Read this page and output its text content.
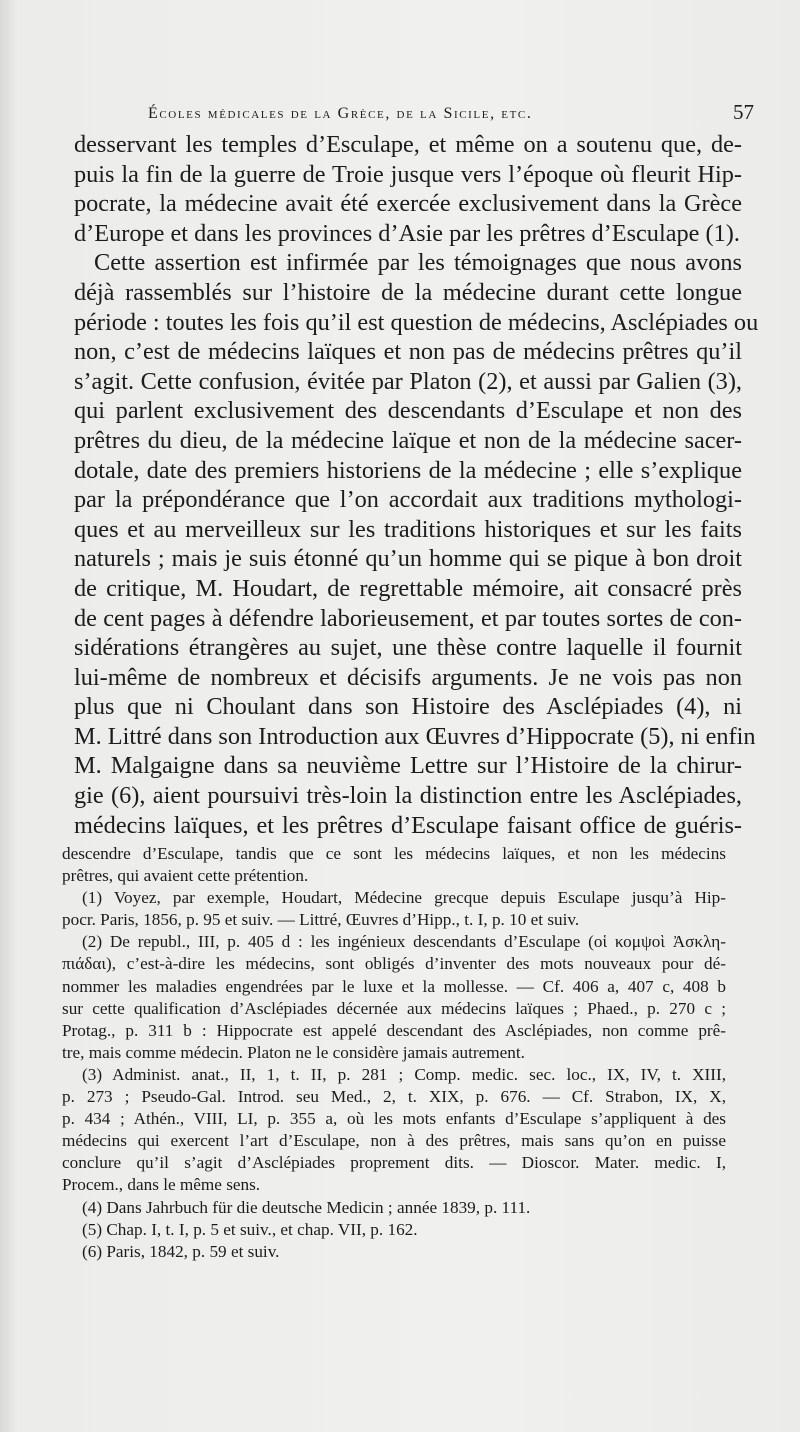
Écoles médicales de la Grèce, de la Sicile, etc.	57
desservant les temples d’Esculape, et même on a soutenu que, de-
puis la fin de la guerre de Troie jusque vers l’époque où fleurit Hip-
pocrate, la médecine avait été exercée exclusivement dans la Grèce
d’Europe et dans les provinces d’Asie par les prêtres d’Esculape (1).
Cette assertion est infirmée par les témoignages que nous avons
déjà rassemblés sur l’histoire de la médecine durant cette longue
période : toutes les fois qu’il est question de médecins, Asclépiades ou
non, c’est de médecins laïques et non pas de médecins prêtres qu’il
s’agit. Cette confusion, évitée par Platon (2), et aussi par Galien (3),
qui parlent exclusivement des descendants d’Esculape et non des
prêtres du dieu, de la médecine laïque et non de la médecine sacer-
dotale, date des premiers historiens de la médecine ; elle s’explique
par la prépondérance que l’on accordait aux traditions mythologi-
ques et au merveilleux sur les traditions historiques et sur les faits
naturels ; mais je suis étonné qu’un homme qui se pique à bon droit
de critique, M. Houdart, de regrettable mémoire, ait consacré près
de cent pages à défendre laborieusement, et par toutes sortes de con-
sidérations étrangères au sujet, une thèse contre laquelle il fournit
lui-même de nombreux et décisifs arguments. Je ne vois pas non
plus que ni Choulant dans son Histoire des Asclépiades (4), ni
M. Littré dans son Introduction aux Œuvres d’Hippocrate (5), ni enfin
M. Malgaigne dans sa neuvième Lettre sur l’Histoire de la chirur-
gie (6), aient poursuivi très-loin la distinction entre les Asclépiades,
médecins laïques, et les prêtres d’Esculape faisant office de guéris-
descendre d’Esculape, tandis que ce sont les médecins laïques, et non les médecins
prêtres, qui avaient cette prétention.
(1) Voyez, par exemple, Houdart, Médecine grecque depuis Esculape jusqu’à Hip-
pocr. Paris, 1856, p. 95 et suiv. — Littré, Œuvres d’Hipp., t. I, p. 10 et suiv.
(2) De republ., III, p. 405 d : les ingénieux descendants d’Esculape (οἱ κομψοὶ Ἀσκλη-
πιάδαι), c’est-à-dire les médecins, sont obligés d’inventer des mots nouveaux pour dé-
nommer les maladies engendrées par le luxe et la mollesse. — Cf. 406 a, 407 c, 408 b
sur cette qualification d’Asclépiades décernée aux médecins laïques ; Phaed., p. 270 c ;
Protag., p. 311 b : Hippocrate est appelé descendant des Asclépiades, non comme prê-
tre, mais comme médecin. Platon ne le considère jamais autrement.
(3) Administ. anat., II, 1, t. II, p. 281 ; Comp. medic. sec. loc., IX, IV, t. XIII,
p. 273 ; Pseudo-Gal. Introd. seu Med., 2, t. XIX, p. 676. — Cf. Strabon, IX, X,
p. 434 ; Athén., VIII, LI, p. 355 a, où les mots enfants d’Esculape s’appliquent à des
médecins qui exercent l’art d’Esculape, non à des prêtres, mais sans qu’on en puisse
conclure qu’il s’agit d’Asclépiades proprement dits. — Dioscor. Mater. medic. I,
Procem., dans le même sens.
(4) Dans Jahrbuch für die deutsche Medicin ; année 1839, p. 111.
(5) Chap. I, t. I, p. 5 et suiv., et chap. VII, p. 162.
(6) Paris, 1842, p. 59 et suiv.
